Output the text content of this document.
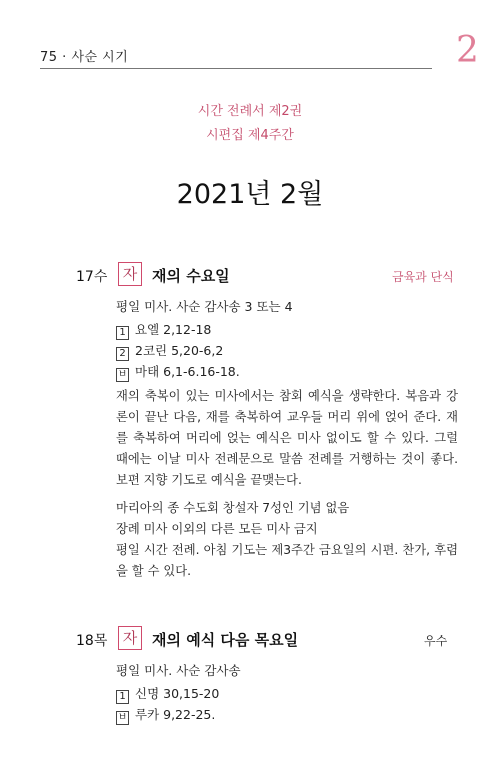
75 · 사순 시기	2
시간 전례서 제2권
시편집 제4주간
2021년 2월
17수	자 재의 수요일	금육과 단식
평일 미사. 사순 감사송 3 또는 4
1 요엘 2,12-18
2 2코린 5,20-6,2
ㅂ 마태 6,1-6.16-18.

재의 축복이 있는 미사에서는 참회 예식을 생략한다. 복음과 강론이 끝난 다음, 재를 축복하여 교우들 머리 위에 얹어 준다. 재를 축복하여 머리에 얹는 예식은 미사 없이도 할 수 있다. 그럴 때에는 이날 미사 전례문으로 말씀 전례를 거행하는 것이 좋다. 보편 지향 기도로 예식을 끝맺는다.

마리아의 종 수도회 창설자 7성인 기념 없음

장례 미사 이외의 다른 모든 미사 금지

평일 시간 전례. 아침 기도는 제3주간 금요일의 시편. 찬가, 후렴을 할 수 있다.

18목	자 재의 예식 다음 목요일	우수
평일 미사. 사순 감사송
1 신명 30,15-20
ㅂ 루카 9,22-25.
